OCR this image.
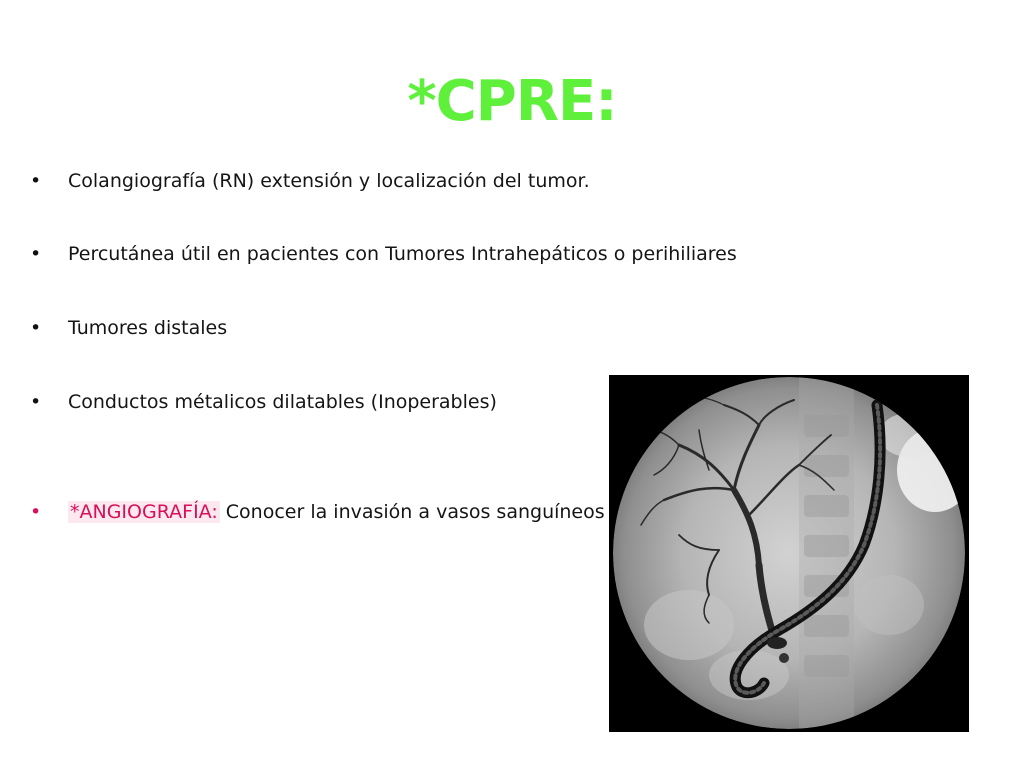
*CPRE:
• Colangiografía (RN) extensión y localización del tumor.
• Percutánea útil en pacientes con Tumores Intrahepáticos o perihiliares
• Tumores distales
• Conductos métalicos dilatables (Inoperables)
• *ANGIOGRAFÍA: Conocer la invasión a vasos sanguíneos
